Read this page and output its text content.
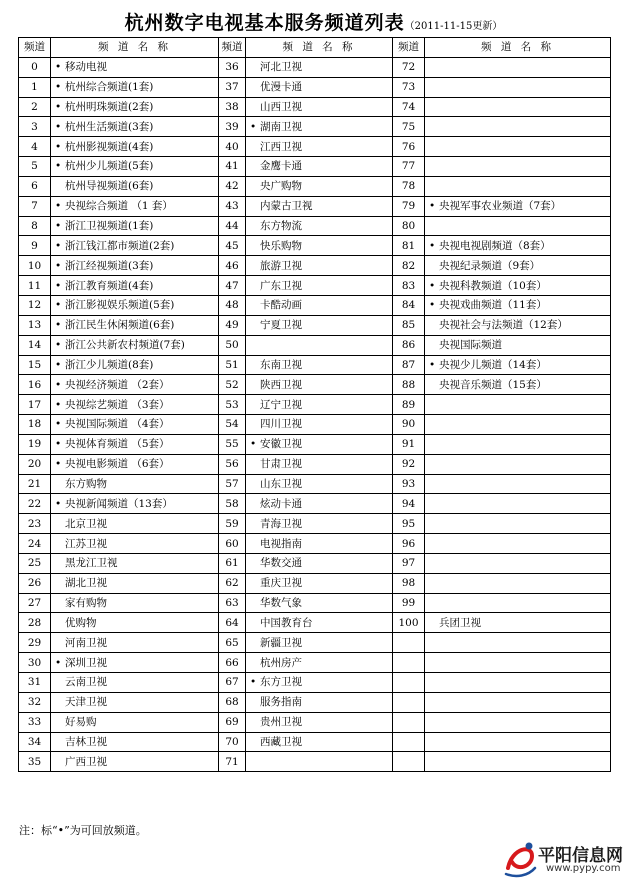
杭州数字电视基本服务频道列表（2011-11-15更新）
频道	频 道 名 称	频道	频 道 名 称	频道	频 道 名 称
0	• 移动电视	36	河北卫视	72	
1	• 杭州综合频道(1套)	37	优漫卡通	73	
2	• 杭州明珠频道(2套)	38	山西卫视	74	
3	• 杭州生活频道(3套)	39	• 湖南卫视	75	
4	• 杭州影视频道(4套)	40	江西卫视	76	
5	• 杭州少儿频道(5套)	41	金鹰卡通	77	
6	杭州导视频道(6套)	42	央广购物	78	
7	• 央视综合频道 （1 套）	43	内蒙古卫视	79	• 央视军事农业频道（7套）
8	• 浙江卫视频道(1套)	44	东方物流	80	
9	• 浙江钱江都市频道(2套)	45	快乐购物	81	• 央视电视剧频道（8套）
10	• 浙江经视频道(3套)	46	旅游卫视	82	央视纪录频道（9套）
11	• 浙江教育频道(4套)	47	广东卫视	83	• 央视科教频道（10套）
12	• 浙江影视娱乐频道(5套)	48	卡酷动画	84	• 央视戏曲频道（11套）
13	• 浙江民生休闲频道(6套)	49	宁夏卫视	85	央视社会与法频道（12套）
14	• 浙江公共新农村频道(7套)	50		86	央视国际频道
15	• 浙江少儿频道(8套)	51	东南卫视	87	• 央视少儿频道（14套）
16	• 央视经济频道 （2套）	52	陕西卫视	88	央视音乐频道（15套）
17	• 央视综艺频道 （3套）	53	辽宁卫视	89	
18	• 央视国际频道 （4套）	54	四川卫视	90	
19	• 央视体育频道 （5套）	55	• 安徽卫视	91	
20	• 央视电影频道 （6套）	56	甘肃卫视	92	
21	东方购物	57	山东卫视	93	
22	• 央视新闻频道（13套）	58	炫动卡通	94	
23	北京卫视	59	青海卫视	95	
24	江苏卫视	60	电视指南	96	
25	黑龙江卫视	61	华数交通	97	
26	湖北卫视	62	重庆卫视	98	
27	家有购物	63	华数气象	99	
28	优购物	64	中国教育台	100	兵团卫视
29	河南卫视	65	新疆卫视		
30	• 深圳卫视	66	杭州房产		
31	云南卫视	67	• 东方卫视		
32	天津卫视	68	服务指南		
33	好易购	69	贵州卫视		
34	吉林卫视	70	西藏卫视		
35	广西卫视	71			
注：标“•”为可回放频道。
平阳信息网
www.pypy.com
